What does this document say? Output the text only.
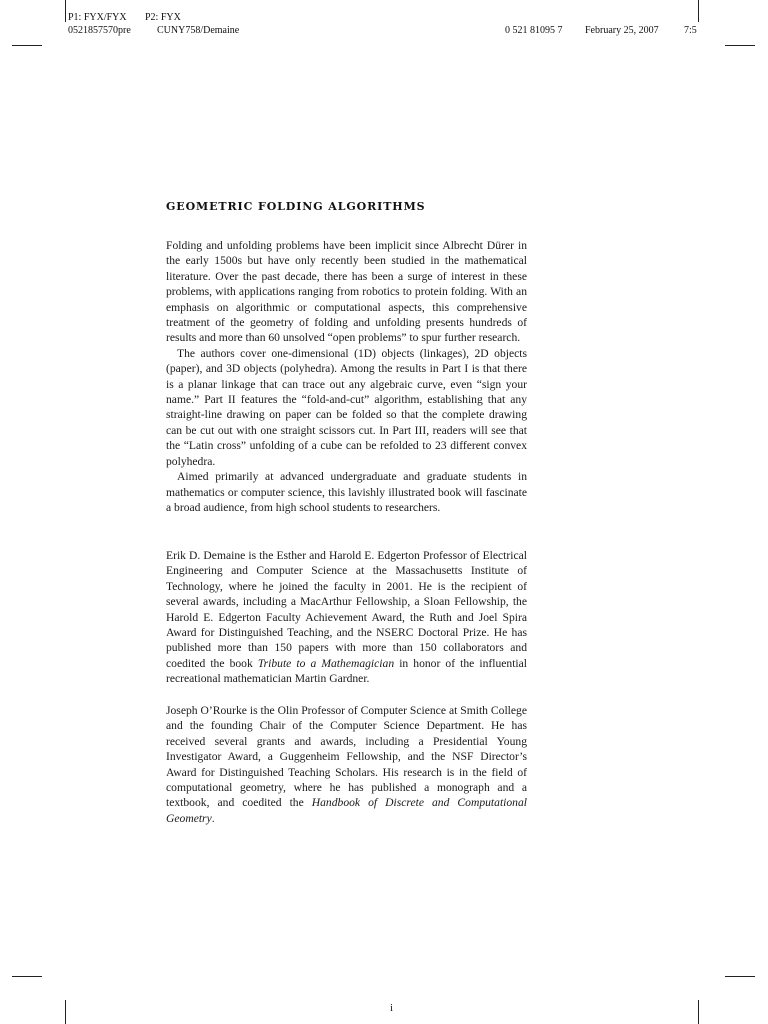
P1: FYX/FYX P2: FYX
0521857570pre	CUNY758/Demaine	0 521 81095 7 February 25, 2007	7:5
GEOMETRIC FOLDING ALGORITHMS

Folding and unfolding problems have been implicit since Albrecht Dürer in the early 1500s but have only recently been studied in the mathematical literature. Over the past decade, there has been a surge of interest in these problems, with applications ranging from robotics to protein folding. With an emphasis on algorithmic or computational aspects, this comprehensive treatment of the geometry of folding and unfolding presents hundreds of results and more than 60 unsolved “open problems” to spur further research.

The authors cover one-dimensional (1D) objects (linkages), 2D objects (paper), and 3D objects (polyhedra). Among the results in Part I is that there is a planar linkage that can trace out any algebraic curve, even “sign your name.” Part II features the “fold-and-cut” algorithm, establishing that any straight-line drawing on paper can be folded so that the complete drawing can be cut out with one straight scissors cut. In Part III, readers will see that the “Latin cross” unfolding of a cube can be refolded to 23 different convex polyhedra.

Aimed primarily at advanced undergraduate and graduate students in mathematics or computer science, this lavishly illustrated book will fascinate a broad audience, from high school students to researchers.

Erik D. Demaine is the Esther and Harold E. Edgerton Professor of Electrical Engineering and Computer Science at the Massachusetts Institute of Technology, where he joined the faculty in 2001. He is the recipient of several awards, including a MacArthur Fellowship, a Sloan Fellowship, the Harold E. Edgerton Faculty Achievement Award, the Ruth and Joel Spira Award for Distinguished Teaching, and the NSERC Doctoral Prize. He has published more than 150 papers with more than 150 collaborators and coedited the book Tribute to a Mathemagician in honor of the influential recreational mathematician Martin Gardner.

Joseph O’Rourke is the Olin Professor of Computer Science at Smith College and the founding Chair of the Computer Science Department. He has received several grants and awards, including a Presidential Young Investigator Award, a Guggenheim Fellowship, and the NSF Director’s Award for Distinguished Teaching Scholars. His research is in the field of computational geometry, where he has published a monograph and a textbook, and coedited the Handbook of Discrete and Computational Geometry.

i
